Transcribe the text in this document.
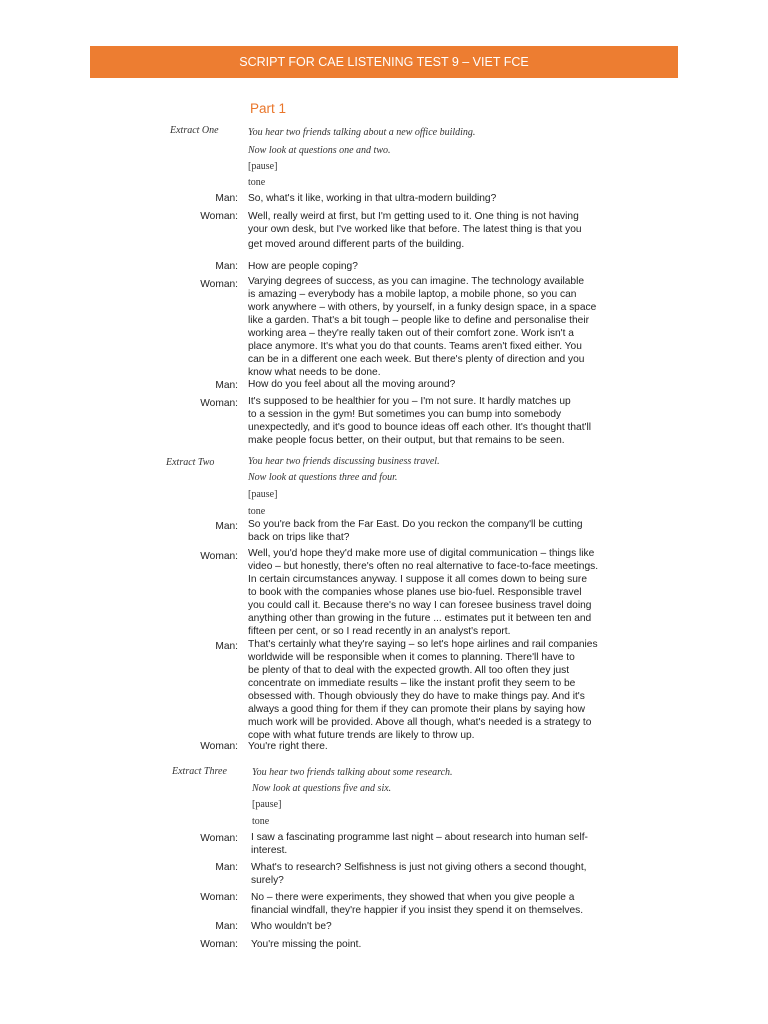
SCRIPT FOR CAE LISTENING TEST 9 – VIET FCE
Part 1
Extract One	You hear two friends talking about a new office building.
Now look at questions one and two.
[pause]
tone
Man: So, what's it like, working in that ultra-modern building?
Woman: Well, really weird at first, but I'm getting used to it. One thing is not having
your own desk, but I've worked like that before. The latest thing is that you
get moved around different parts of the building.
Man: How are people coping?
Woman: Varying degrees of success, as you can imagine. The technology available
is amazing – everybody has a mobile laptop, a mobile phone, so you can
work anywhere – with others, by yourself, in a funky design space, in a space
like a garden. That's a bit tough – people like to define and personalise their
working area – they're really taken out of their comfort zone. Work isn't a
place anymore. It's what you do that counts. Teams aren't fixed either. You
can be in a different one each week. But there's plenty of direction and you
know what needs to be done.
Man: How do you feel about all the moving around?
Woman: It's supposed to be healthier for you – I'm not sure. It hardly matches up
to a session in the gym! But sometimes you can bump into somebody
unexpectedly, and it's good to bounce ideas off each other. It's thought that'll
make people focus better, on their output, but that remains to be seen.
Extract Two	You hear two friends discussing business travel.
Now look at questions three and four.
[pause]
tone
Man: So you're back from the Far East. Do you reckon the company'll be cutting
back on trips like that?
Woman: Well, you'd hope they'd make more use of digital communication – things like
video – but honestly, there's often no real alternative to face-to-face meetings.
In certain circumstances anyway. I suppose it all comes down to being sure
to book with the companies whose planes use bio-fuel. Responsible travel
you could call it. Because there's no way I can foresee business travel doing
anything other than growing in the future ... estimates put it between ten and
fifteen per cent, or so I read recently in an analyst's report.
Man: That's certainly what they're saying – so let's hope airlines and rail companies
worldwide will be responsible when it comes to planning. There'll have to
be plenty of that to deal with the expected growth. All too often they just
concentrate on immediate results – like the instant profit they seem to be
obsessed with. Though obviously they do have to make things pay. And it's
always a good thing for them if they can promote their plans by saying how
much work will be provided. Above all though, what's needed is a strategy to
cope with what future trends are likely to throw up.
Woman: You're right there.
Extract Three	You hear two friends talking about some research.
Now look at questions five and six.
[pause]
tone
Woman: I saw a fascinating programme last night – about research into human self-
interest.
Man: What's to research? Selfishness is just not giving others a second thought,
surely?
Woman: No – there were experiments, they showed that when you give people a
financial windfall, they're happier if you insist they spend it on themselves.
Man: Who wouldn't be?
Woman: You're missing the point.
